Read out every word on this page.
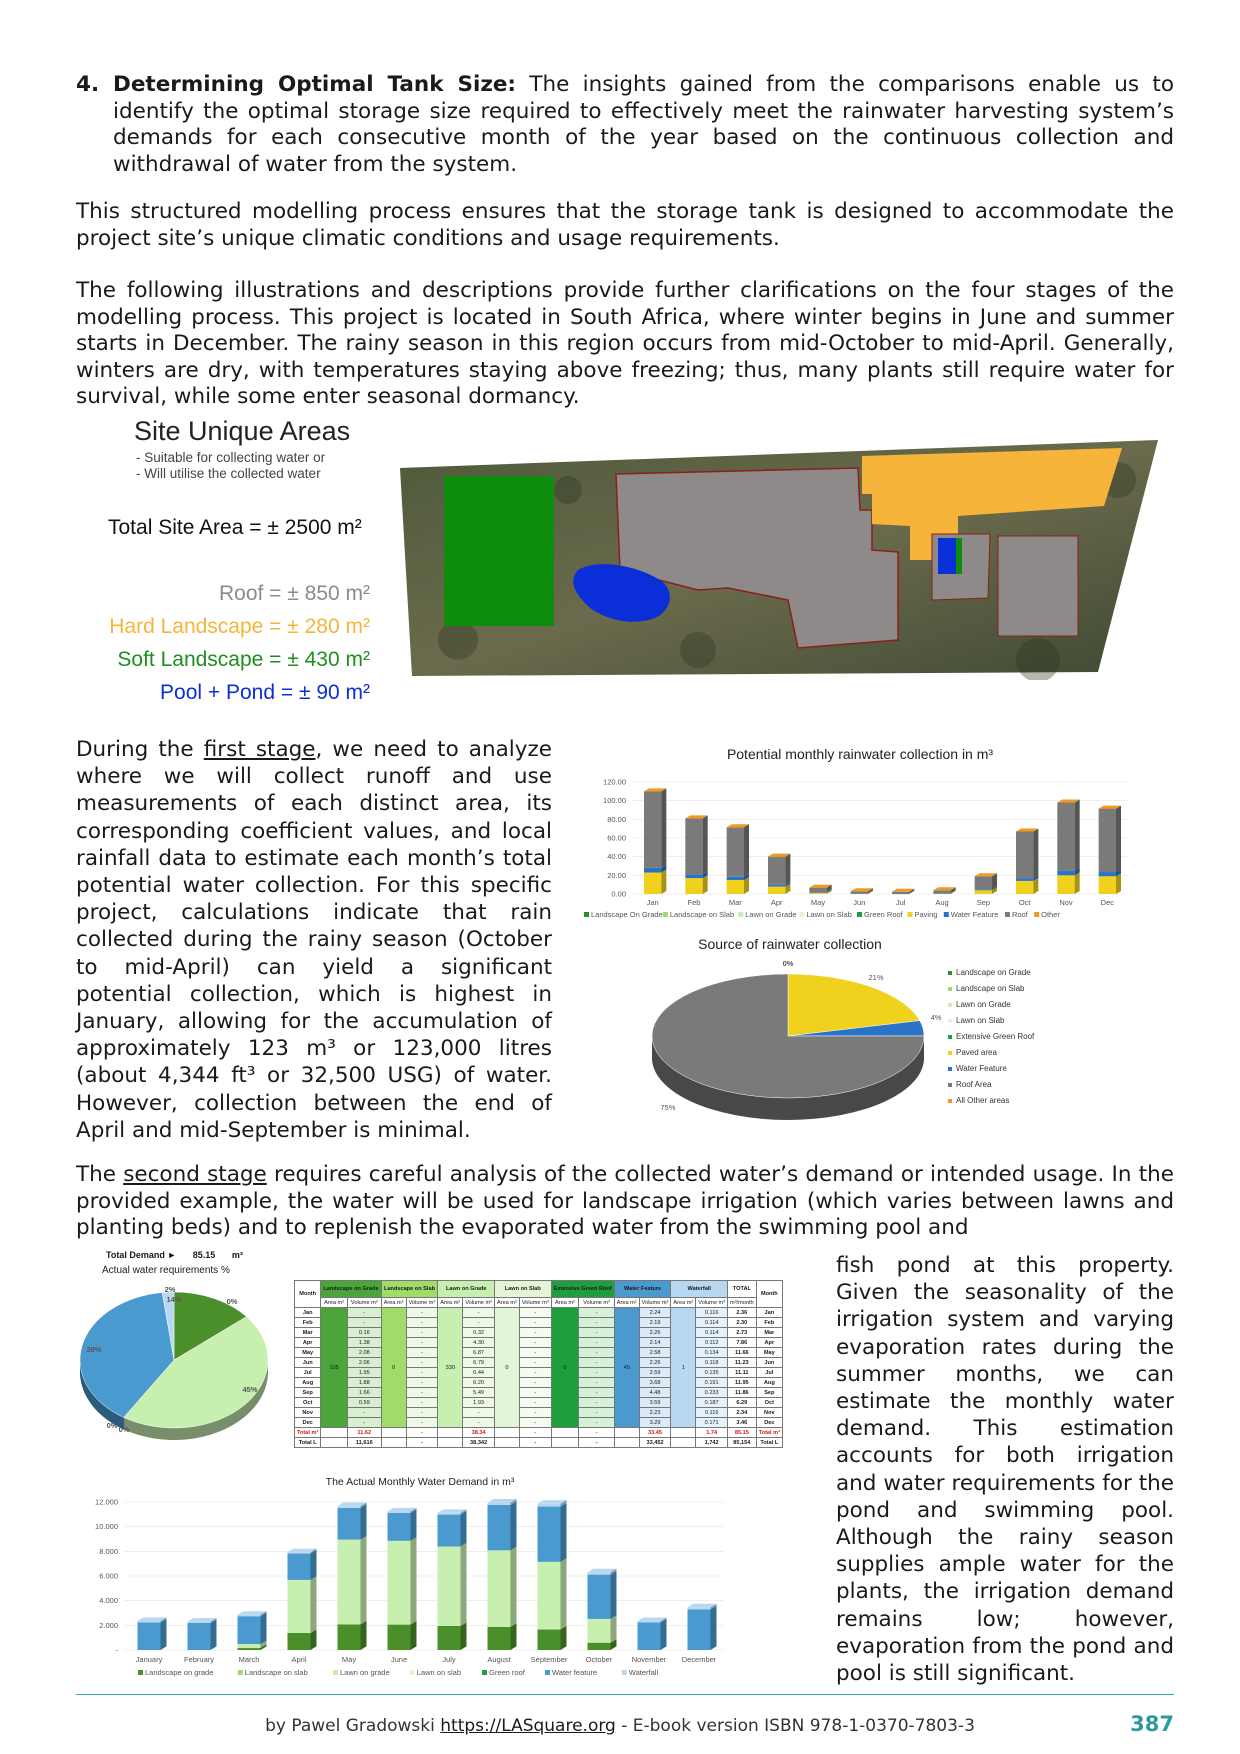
4. Determining Optimal Tank Size: The insights gained from the comparisons enable us to identify the optimal storage size required to effectively meet the rainwater harvesting system’s demands for each consecutive month of the year based on the continuous collection and withdrawal of water from the system.
This structured modelling process ensures that the storage tank is designed to accommodate the project site’s unique climatic conditions and usage requirements.
The following illustrations and descriptions provide further clarifications on the four stages of the modelling process. This project is located in South Africa, where winter begins in June and summer starts in December. The rainy season in this region occurs from mid-October to mid-April. Generally, winters are dry, with temperatures staying above freezing; thus, many plants still require water for survival, while some enter seasonal dormancy.
Site Unique Areas
- Suitable for collecting water or
- Will utilise the collected water
Total Site Area = ± 2500 m²
Roof = ± 850 m²
Hard Landscape = ± 280 m²
Soft Landscape = ± 430 m²
Pool + Pond = ± 90 m²
During the first stage, we need to analyze where we will collect runoff and use measurements of each distinct area, its corresponding coefficient values, and local rainfall data to estimate each month’s total potential water collection. For this specific project, calculations indicate that rain collected during the rainy season (October to mid-April) can yield a significant potential collection, which is highest in January, allowing for the accumulation of approximately 123 m³ or 123,000 litres (about 4,344 ft³ or 32,500 USG) of water. However, collection between the end of April and mid-September is minimal.
Potential monthly rainwater collection in m³
0.00
20.00
40.00
60.00
80.00
100.00
120.00
Jan	Feb	Mar	Apr	May	Jun	Jul	Aug	Sep	Oct	Nov	Dec
Landscape On Grade Landscape on Slab Lawn on Grade Lawn on Slab Green Roof Paving Water Feature Roof Other
Source of rainwater collection
0%
21%
4%
75%
Landscape on Grade
Landscape on Slab
Lawn on Grade
Lawn on Slab
Extensive Green Roof
Paved area
Water Feature
Roof Area
All Other areas
The second stage requires careful analysis of the collected water’s demand or intended usage. In the provided example, the water will be used for landscape irrigation (which varies between lawns and planting beds) and to replenish the evaporated water from the swimming pool and
fish pond at this property. Given the seasonality of the irrigation system and varying evaporation rates during the summer months, we can estimate the monthly water demand. This estimation accounts for both irrigation and water requirements for the pond and swimming pool. Although the rainy season supplies ample water for the plants, the irrigation demand remains low; however, evaporation from the pond and pool is still significant.
Total Demand ► 85.15 m³
Actual water requirements %
14%	0%
45%
0% 0%
39%
2%	Month	Landscape on Grade		Landscape on Slab		Lawn on Grade		Lawn on Slab		Extensive Green Roof		Water Feature		Waterfall		TOTAL	Month
	Area m²	Volume m³	Area m²	Volume m³	Area m²	Volume m³	Area m²	Volume m³	Area m²	Volume m³	Area m²	Volume m³	Area m²	Volume m³	m³/month	
Jan	105	-	0	-	330	-	0	-	0	-	45	2.24	1	0.116	2.36	Jan
Feb		-		-		-		-		-		2.19		0.114	2.30	Feb
Mar		0.16		-		0.32		-		-		2.26		0.114	2.73	Mar
Apr		1.38		-		4.30		-		-		2.14		0.112	7.86	Apr
May		2.08		-		6.87		-		-		2.58		0.134	11.66	May
Jun		2.06		-		6.79		-		-		2.26		0.118	11.23	Jun
Jul		1.95		-		6.44		-		-		2.59		0.135	11.11	Jul
Aug		1.88		-		6.20		-		-		3.68		0.191	11.95	Aug
Sep		1.66		-		5.49		-		-		4.48		0.233	11.86	Sep
Oct		0.59		-		1.93		-		-		3.59		0.187	6.29	Oct
Nov		-		-		-		-		-		2.23		0.116	2.34	Nov
Dec		-		-		-		-		-		3.29		0.171	3.46	Dec
Total m³		11.62		-		38.34		-		-		33.45		1.74	85.15	Total m³
Total L		11,616		-		38,342		-		-		33,452		1,742	85,154	Total L
The Actual Monthly Water Demand in m³
-
2.000
4.000
6.000
8.000
10.000
12.000
January	February	March	April	May	June	July	August	September October	November December
Landscape on grade	Landscape on slab	Lawn on grade	Lawn on slab	Green roof	Water feature	Waterfall
by Pawel Gradowski https://LASquare.org - E-book version ISBN 978-1-0370-7803-3	387
